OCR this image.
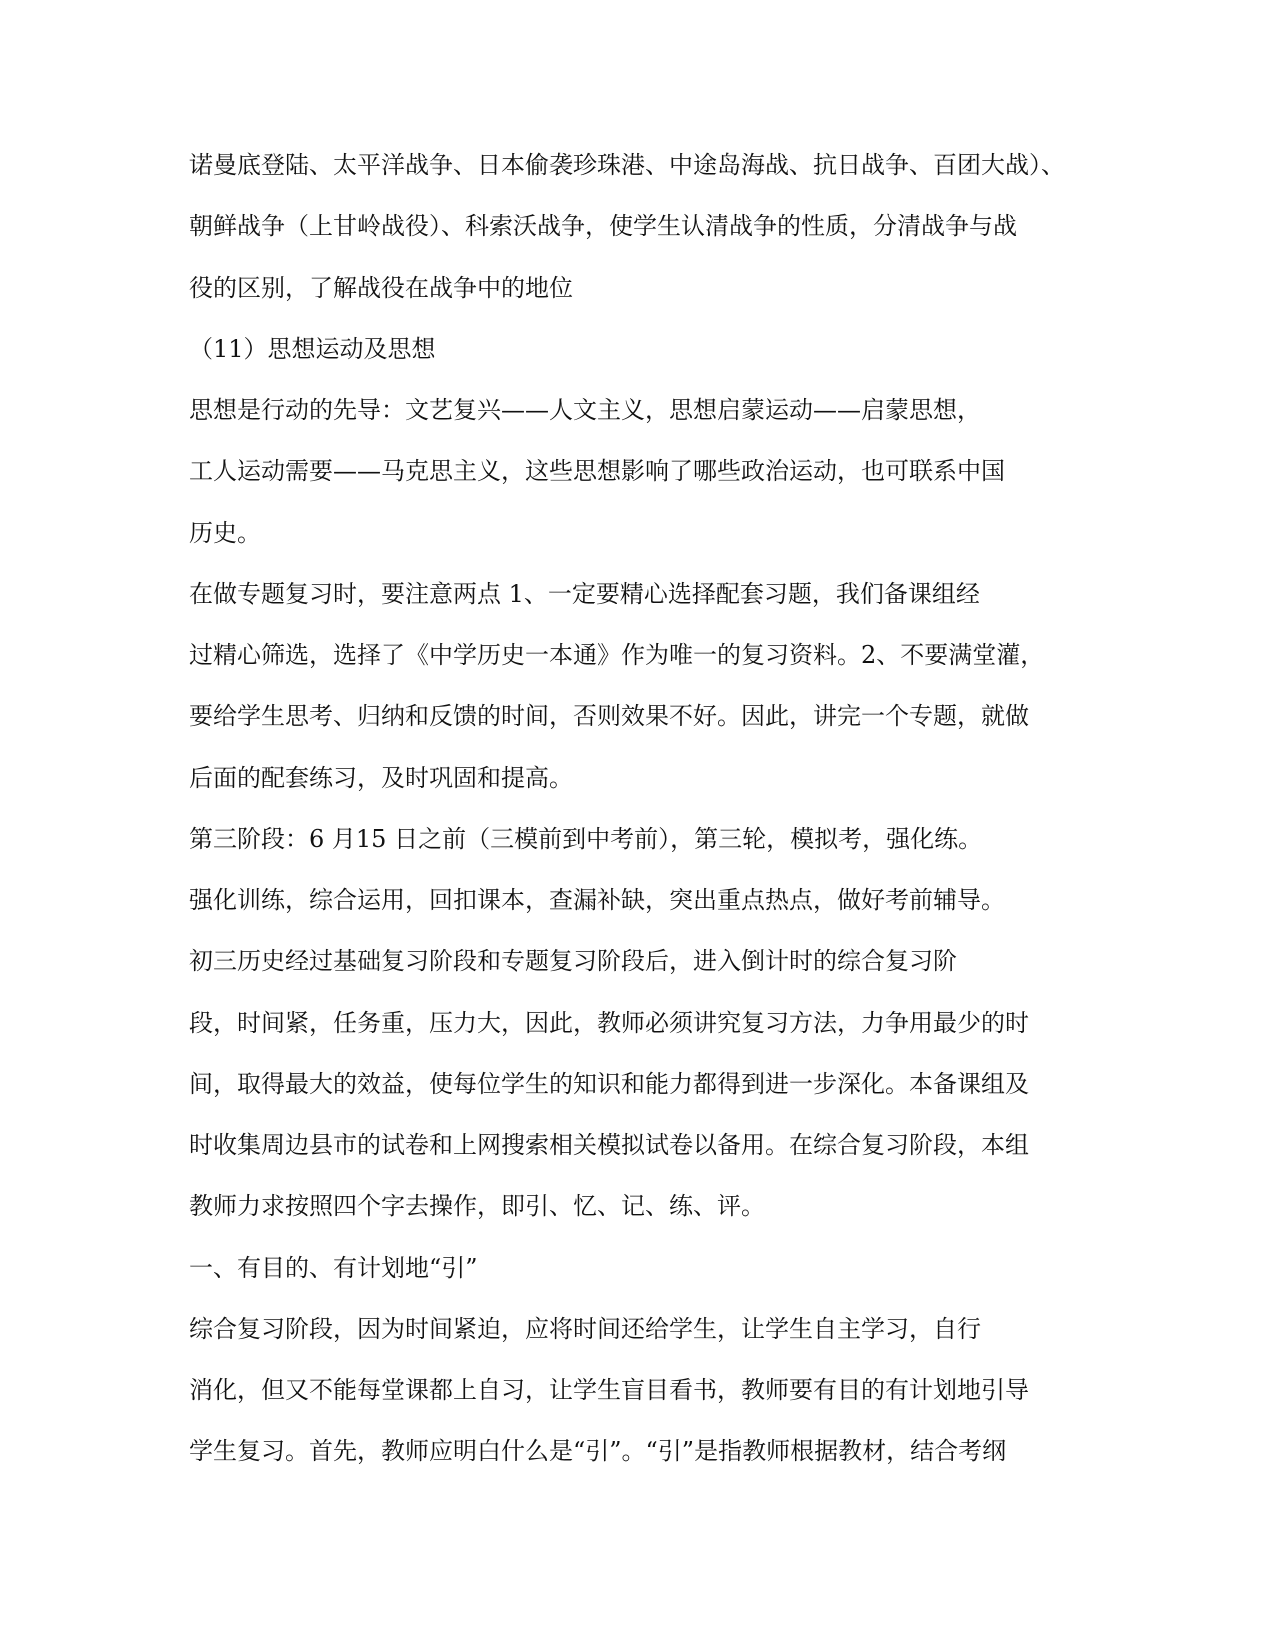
诺曼底登陆、太平洋战争、日本偷袭珍珠港、中途岛海战、抗日战争、百团大战）、
朝鲜战争（上甘岭战役）、科索沃战争，使学生认清战争的性质，分清战争与战
役的区别，了解战役在战争中的地位
（11）思想运动及思想
思想是行动的先导：文艺复兴——人文主义，思想启蒙运动——启蒙思想，
工人运动需要——马克思主义，这些思想影响了哪些政治运动，也可联系中国
历史。
在做专题复习时，要注意两点 1、一定要精心选择配套习题，我们备课组经
过精心筛选，选择了《中学历史一本通》作为唯一的复习资料。2、不要满堂灌，
要给学生思考、归纳和反馈的时间，否则效果不好。因此，讲完一个专题，就做
后面的配套练习，及时巩固和提高。
第三阶段：6 月15 日之前（三模前到中考前），第三轮，模拟考，强化练。
强化训练，综合运用，回扣课本，查漏补缺，突出重点热点，做好考前辅导。
初三历史经过基础复习阶段和专题复习阶段后，进入倒计时的综合复习阶
段，时间紧，任务重，压力大，因此，教师必须讲究复习方法，力争用最少的时
间，取得最大的效益，使每位学生的知识和能力都得到进一步深化。本备课组及
时收集周边县市的试卷和上网搜索相关模拟试卷以备用。在综合复习阶段，本组
教师力求按照四个字去操作，即引、忆、记、练、评。
一、有目的、有计划地“引”
综合复习阶段，因为时间紧迫，应将时间还给学生，让学生自主学习，自行
消化，但又不能每堂课都上自习，让学生盲目看书，教师要有目的有计划地引导
学生复习。首先，教师应明白什么是“引”。“引”是指教师根据教材，结合考纲
